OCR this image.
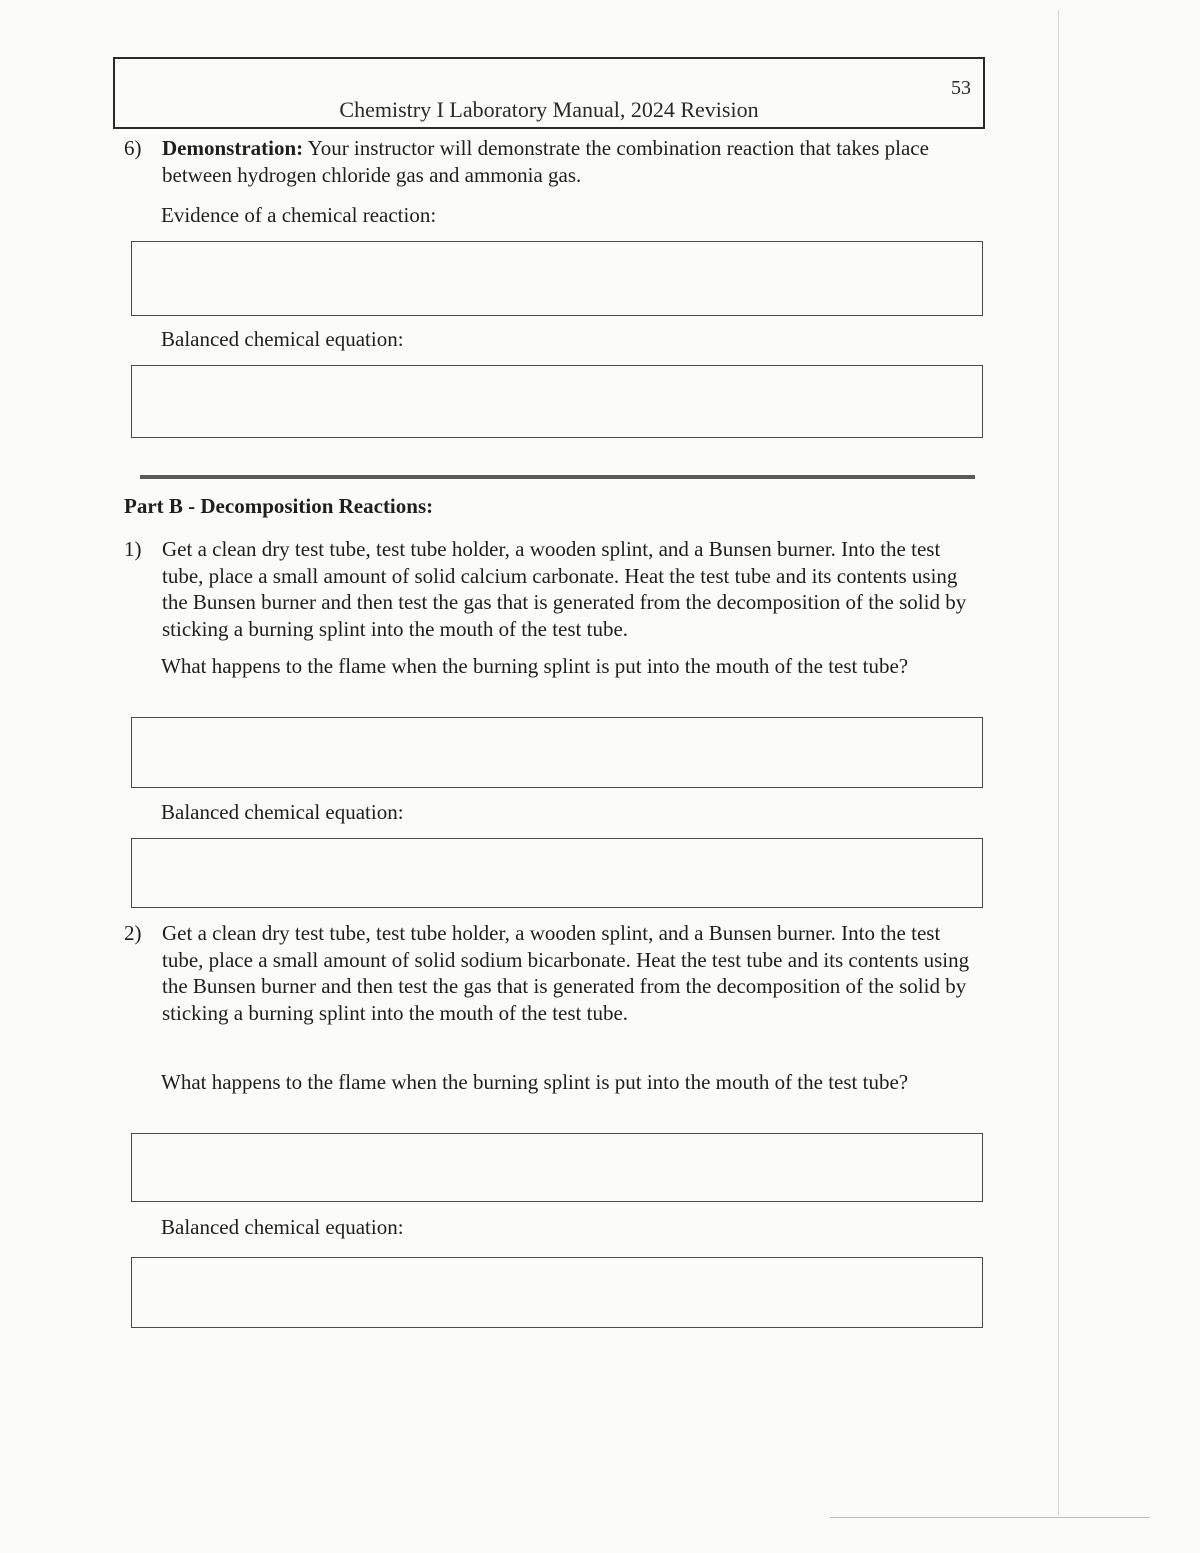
53
Chemistry I Laboratory Manual, 2024 Revision
6) Demonstration: Your instructor will demonstrate the combination reaction that takes place between hydrogen chloride gas and ammonia gas.
Evidence of a chemical reaction:
Balanced chemical equation:
Part B - Decomposition Reactions:
1) Get a clean dry test tube, test tube holder, a wooden splint, and a Bunsen burner. Into the test tube, place a small amount of solid calcium carbonate. Heat the test tube and its contents using the Bunsen burner and then test the gas that is generated from the decomposition of the solid by sticking a burning splint into the mouth of the test tube.
What happens to the flame when the burning splint is put into the mouth of the test tube?
Balanced chemical equation:
2) Get a clean dry test tube, test tube holder, a wooden splint, and a Bunsen burner. Into the test tube, place a small amount of solid sodium bicarbonate. Heat the test tube and its contents using the Bunsen burner and then test the gas that is generated from the decomposition of the solid by sticking a burning splint into the mouth of the test tube.
What happens to the flame when the burning splint is put into the mouth of the test tube?
Balanced chemical equation:
